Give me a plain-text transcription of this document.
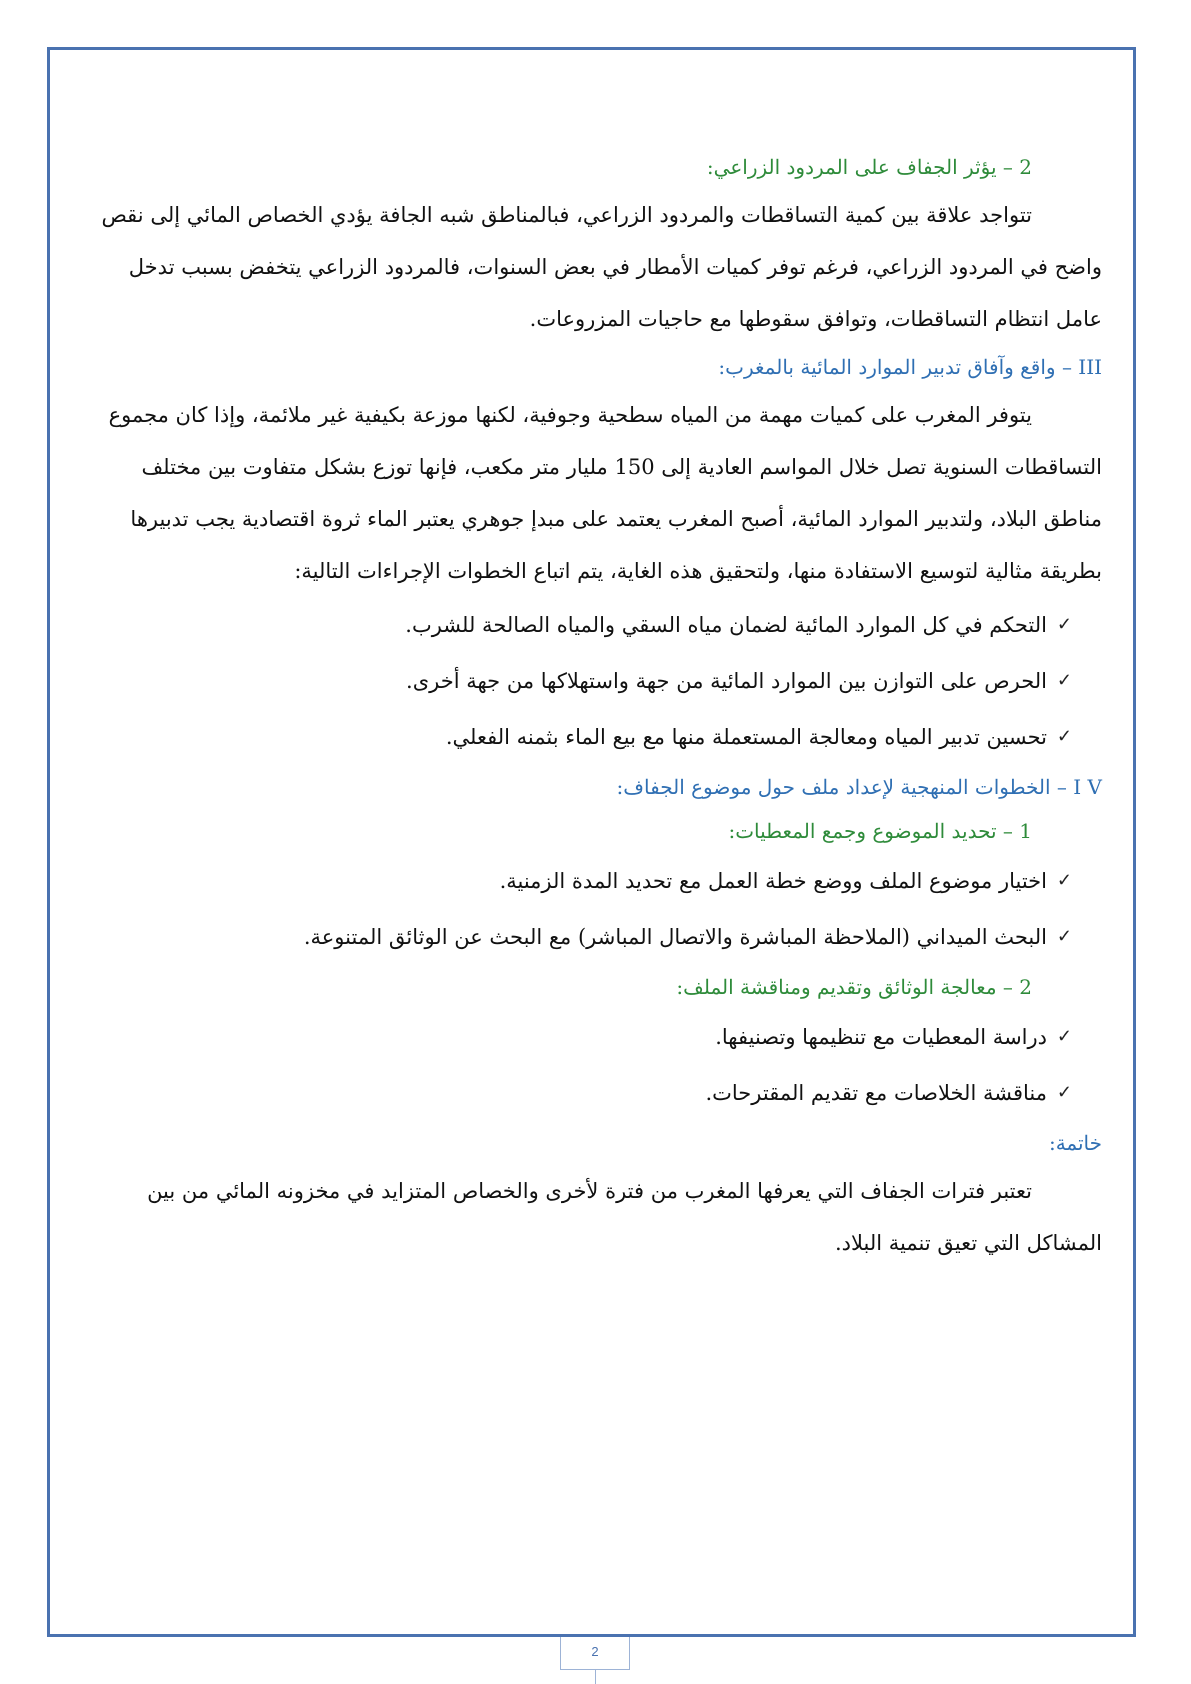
2 – يؤثر الجفاف على المردود الزراعي:
تتواجد علاقة بين كمية التساقطات والمردود الزراعي، فبالمناطق شبه الجافة يؤدي الخصاص المائي إلى نقص
واضح في المردود الزراعي، فرغم توفر كميات الأمطار في بعض السنوات، فالمردود الزراعي يتخفض بسبب تدخل
عامل انتظام التساقطات، وتوافق سقوطها مع حاجيات المزروعات.
III – واقع وآفاق تدبير الموارد المائية بالمغرب:
يتوفر المغرب على كميات مهمة من المياه سطحية وجوفية، لكنها موزعة بكيفية غير ملائمة، وإذا كان مجموع
التساقطات السنوية تصل خلال المواسم العادية إلى 150 مليار متر مكعب، فإنها توزع بشكل متفاوت بين مختلف
مناطق البلاد، ولتدبير الموارد المائية، أصبح المغرب يعتمد على مبدإ جوهري يعتبر الماء ثروة اقتصادية يجب تدبيرها
بطريقة مثالية لتوسيع الاستفادة منها، ولتحقيق هذه الغاية، يتم اتباع الخطوات الإجراءات التالية:
✓
التحكم في كل الموارد المائية لضمان مياه السقي والمياه الصالحة للشرب.
✓
الحرص على التوازن بين الموارد المائية من جهة واستهلاكها من جهة أخرى.
✓
تحسين تدبير المياه ومعالجة المستعملة منها مع بيع الماء بثمنه الفعلي.
I V – الخطوات المنهجية لإعداد ملف حول موضوع الجفاف:
1 – تحديد الموضوع وجمع المعطيات:
✓
اختيار موضوع الملف ووضع خطة العمل مع تحديد المدة الزمنية.
✓
البحث الميداني (الملاحظة المباشرة والاتصال المباشر) مع البحث عن الوثائق المتنوعة.
2 – معالجة الوثائق وتقديم ومناقشة الملف:
✓
دراسة المعطيات مع تنظيمها وتصنيفها.
✓
مناقشة الخلاصات مع تقديم المقترحات.
خاتمة:
تعتبر فترات الجفاف التي يعرفها المغرب من فترة لأخرى والخصاص المتزايد في مخزونه المائي من بين
المشاكل التي تعيق تنمية البلاد.
2
